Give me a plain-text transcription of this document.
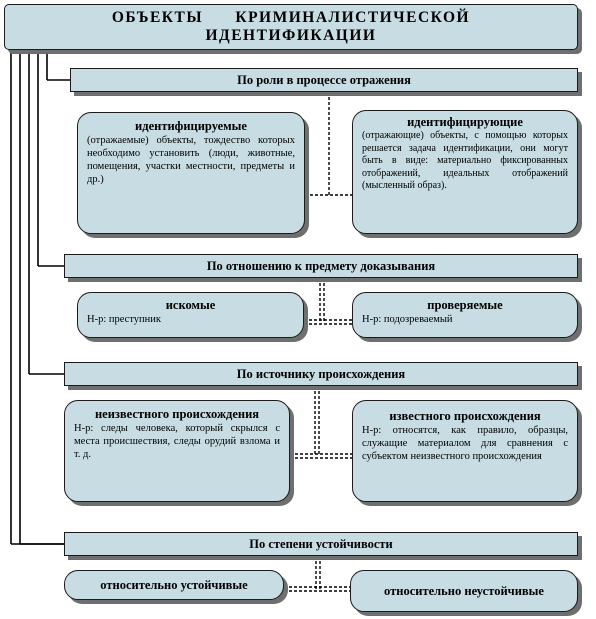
ОБЪЕКТЫ      КРИМИНАЛИСТИЧЕСКОЙ
ИДЕНТИФИКАЦИИ
По роли в процессе отражения
идентифицируемые
(отражаемые) объекты, тождество которых необходимо установить (люди, животные, помещения, участки местности, предметы и др.)
идентифицирующие
(отражающие) объекты, с помощью которых решается задача идентификации, они могут быть в виде: материально фиксированных отображений, идеальных отображений (мысленный образ).
По отношению к предмету доказывания
искомые
Н-р: преступник
проверяемые
Н-р: подозреваемый
По источнику происхождения
неизвестного происхождения
Н-р: следы человека, который скрылся с места происшествия, следы орудий взлома и т. д.
известного происхождения
Н-р: относятся, как правило, образцы, служащие материалом для сравнения с субъектом неизвестного происхождения
По степени устойчивости
относительно устойчивые	относительно неустойчивые
